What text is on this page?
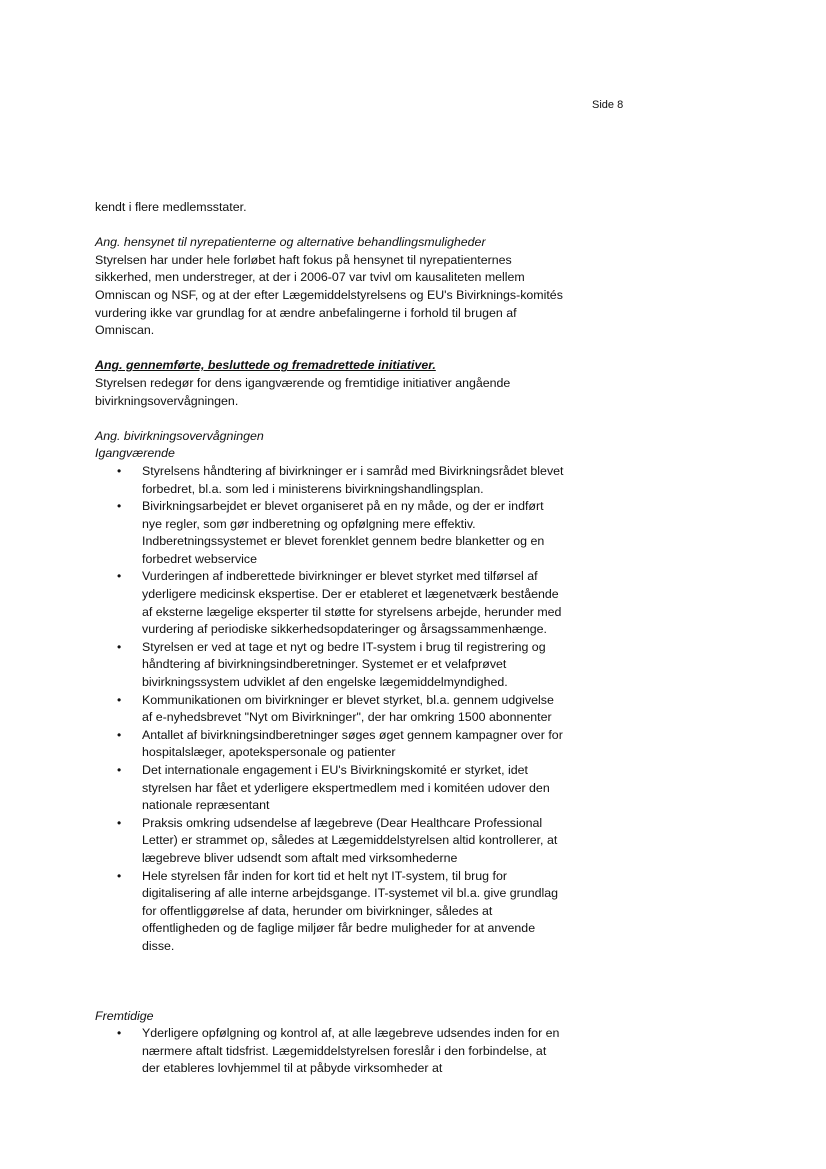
Side 8

kendt i flere medlemsstater.

Ang. hensynet til nyrepatienterne og alternative behandlingsmuligheder

Styrelsen har under hele forløbet haft fokus på hensynet til nyrepatienternes sikkerhed, men understreger, at der i 2006-07 var tvivl om kausaliteten mellem Omniscan og NSF, og at der efter Lægemiddelstyrelsens og EU's Bivirknings-komités vurdering ikke var grundlag for at ændre anbefalingerne i forhold til brugen af Omniscan.

Ang. gennemførte, besluttede og fremadrettede initiativer.

Styrelsen redegør for dens igangværende og fremtidige initiativer angående bivirkningsovervågningen.

Ang. bivirkningsovervågningen

Igangværende

• Styrelsens håndtering af bivirkninger er i samråd med Bivirkningsrådet blevet forbedret, bl.a. som led i ministerens bivirkningshandlingsplan.
• Bivirkningsarbejdet er blevet organiseret på en ny måde, og der er indført nye regler, som gør indberetning og opfølgning mere effektiv. Indberetningssystemet er blevet forenklet gennem bedre blanketter og en forbedret webservice
• Vurderingen af indberettede bivirkninger er blevet styrket med tilførsel af yderligere medicinsk ekspertise. Der er etableret et lægenetværk bestående af eksterne lægelige eksperter til støtte for styrelsens arbejde, herunder med vurdering af periodiske sikkerhedsopdateringer og årsagssammenhænge.
• Styrelsen er ved at tage et nyt og bedre IT-system i brug til registrering og håndtering af bivirkningsindberetninger. Systemet er et velafprøvet bivirkningssystem udviklet af den engelske lægemiddelmyndighed.
• Kommunikationen om bivirkninger er blevet styrket, bl.a. gennem udgivelse af e-nyhedsbrevet "Nyt om Bivirkninger", der har omkring 1500 abonnenter
• Antallet af bivirkningsindberetninger søges øget gennem kampagner over for hospitalslæger, apotekspersonale og patienter
• Det internationale engagement i EU's Bivirkningskomité er styrket, idet styrelsen har fået et yderligere ekspertmedlem med i komitéen udover den nationale repræsentant
• Praksis omkring udsendelse af lægebreve (Dear Healthcare Professional Letter) er strammet op, således at Lægemiddelstyrelsen altid kontrollerer, at lægebreve bliver udsendt som aftalt med virksomhederne
• Hele styrelsen får inden for kort tid et helt nyt IT-system, til brug for digitalisering af alle interne arbejdsgange. IT-systemet vil bl.a. give grundlag for offentliggørelse af data, herunder om bivirkninger, således at offentligheden og de faglige miljøer får bedre muligheder for at anvende disse.

Fremtidige

• Yderligere opfølgning og kontrol af, at alle lægebreve udsendes inden for en nærmere aftalt tidsfrist. Lægemiddelstyrelsen foreslår i den forbindelse, at der etableres lovhjemmel til at påbyde virksomheder at
